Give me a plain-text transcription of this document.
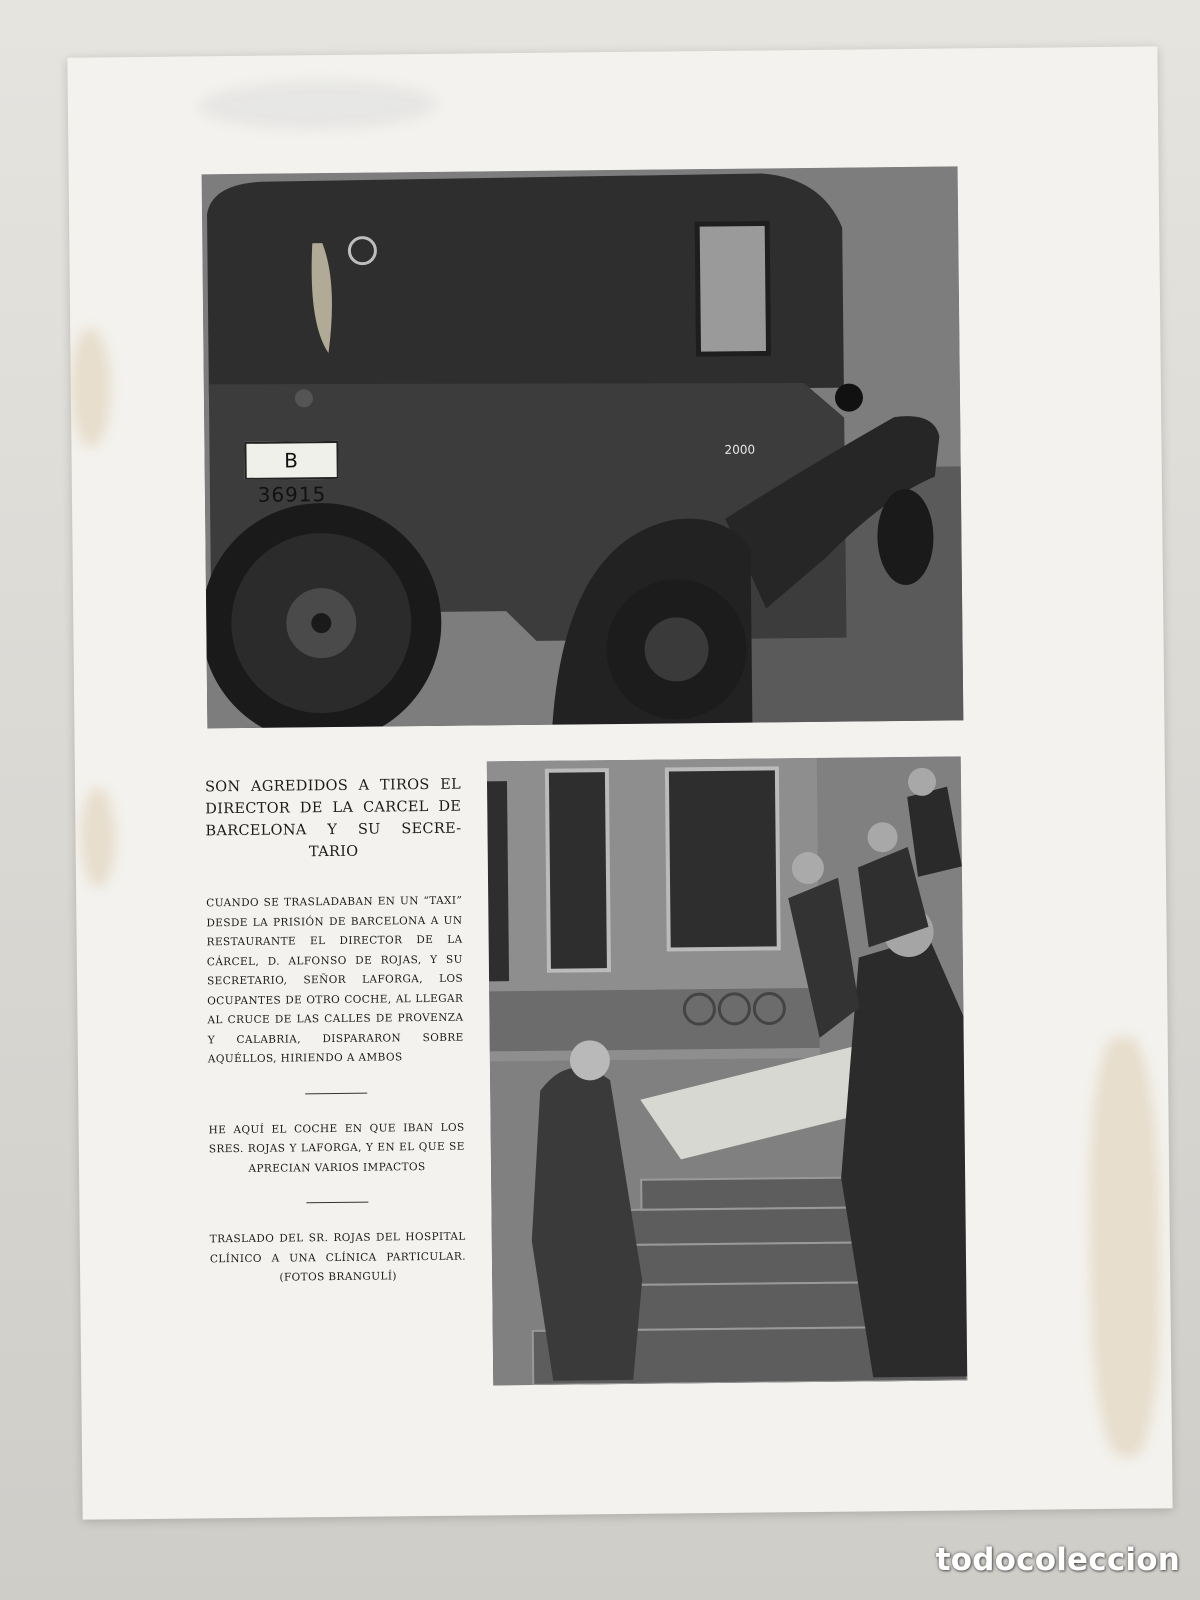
B 36915
2000

SON AGREDIDOS A TIROS EL DIRECTOR DE LA CARCEL DE BARCELONA Y SU SECRE-TARIO

CUANDO SE TRASLADABAN EN UN “TAXI” DESDE LA PRISIÓN DE BARCELONA A UN RESTAURANTE EL DIRECTOR DE LA CÁRCEL, D. ALFONSO DE ROJAS, Y SU SECRETARIO, SEÑOR LAFORGA, LOS OCUPANTES DE OTRO COCHE, AL LLEGAR AL CRUCE DE LAS CALLES DE PROVENZA Y CALABRIA, DISPARARON SOBRE AQUÉLLOS, HIRIENDO A AMBOS

HE AQUÍ EL COCHE EN QUE IBAN LOS SRES. ROJAS Y LAFORGA, Y EN EL QUE SE APRECIAN VARIOS IMPACTOS

TRASLADO DEL SR. ROJAS DEL HOSPITAL CLÍNICO A UNA CLÍNICA PARTICULAR. (FOTOS BRANGULÍ)

todocoleccion
